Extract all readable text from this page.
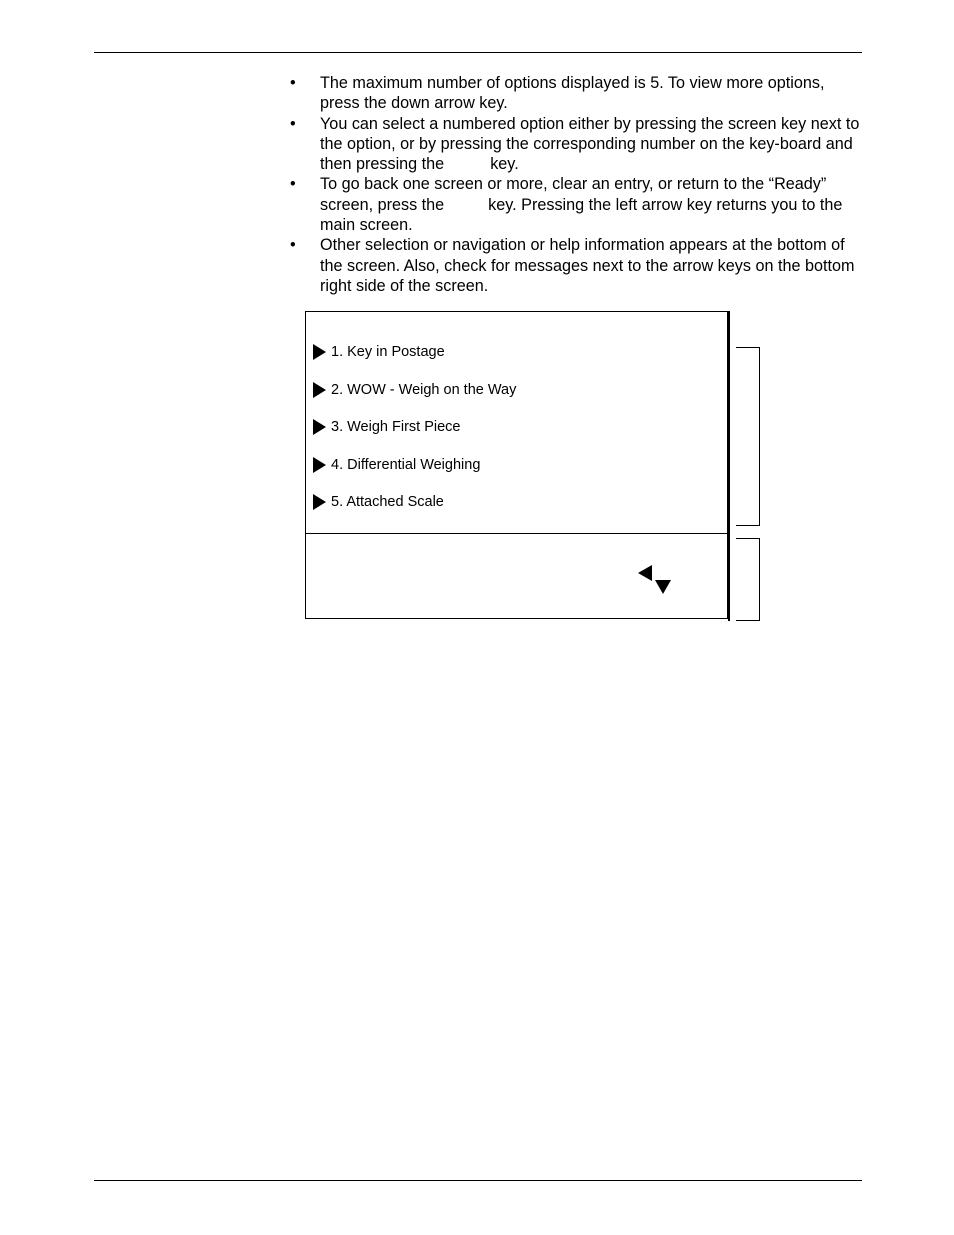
• The maximum number of options displayed is 5. To view more options, press the down arrow key.
• You can select a numbered option either by pressing the screen key next to the option, or by pressing the corresponding number on the key-board and then pressing the	key.
• To go back one screen or more, clear an entry, or return to the “Ready” screen, press the	key. Pressing the left arrow key returns you to the main screen.
• Other selection or navigation or help information appears at the bottom of the screen. Also, check for messages next to the arrow keys on the bottom right side of the screen.
1. Key in Postage
2. WOW - Weigh on the Way
3. Weigh First Piece
4. Differential Weighing
5. Attached Scale
